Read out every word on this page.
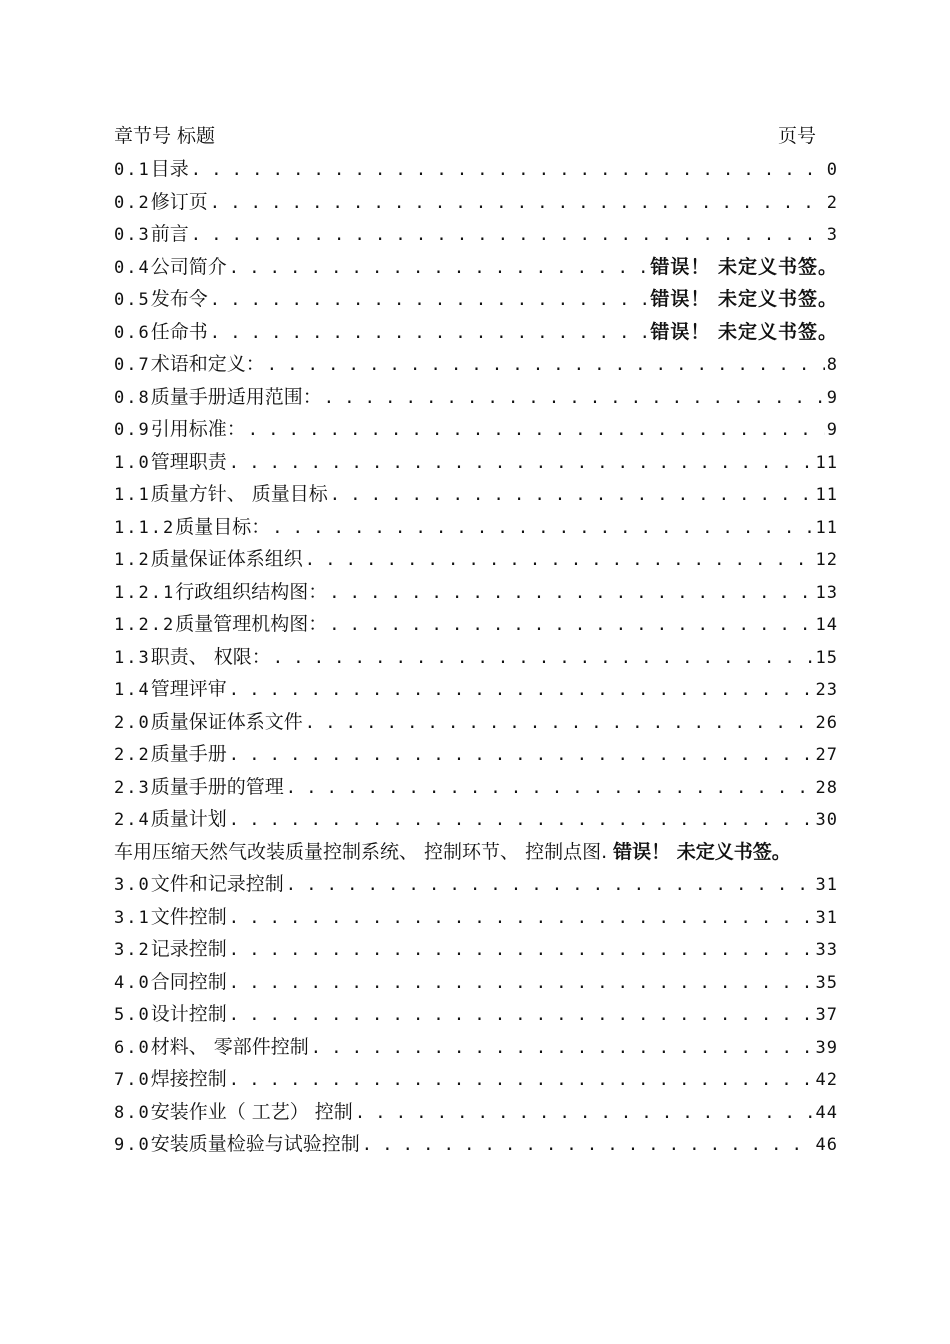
章节号 标题	页号
0.1 目录 . . .	0
0.2 修订页 . . .	2
0.3 前言 . . .	3
0.4 公司简介 . . .	错误！ 未定义书签。
0.5 发布令 . . .	错误！ 未定义书签。
0.6 任命书 . . .	错误！ 未定义书签。
0.7 术语和定义： . . .	8
0.8 质量手册适用范围： . . .	9
0.9 引用标准： . . .	9
1.0 管理职责 . . .	11
1.1 质量方针、 质量目标 . . .	11
1.1.2 质量目标： . . .	11
1.2 质量保证体系组织 . . .	12
1.2.1 行政组织结构图： . . .	13
1.2.2 质量管理机构图： . . .	14
1.3 职责、 权限： . . .	15
1.4 管理评审 . . .	23
2.0 质量保证体系文件 . . .	26
2.2 质量手册 . . .	27
2.3 质量手册的管理 . . .	28
2.4 质量计划 . . .	30
车用压缩天然气改装质量控制系统、 控制环节、 控制点图. 错误！ 未定义书签。
3.0 文件和记录控制 . . .	31
3.1 文件控制 . . .	31
3.2 记录控制 . . .	33
4.0 合同控制 . . .	35
5.0 设计控制 . . .	37
6.0 材料、 零部件控制 . . .	39
7.0 焊接控制 . . .	42
8.0 安装作业（ 工艺） 控制 . . .	44
9.0 安装质量检验与试验控制 . . .	46
